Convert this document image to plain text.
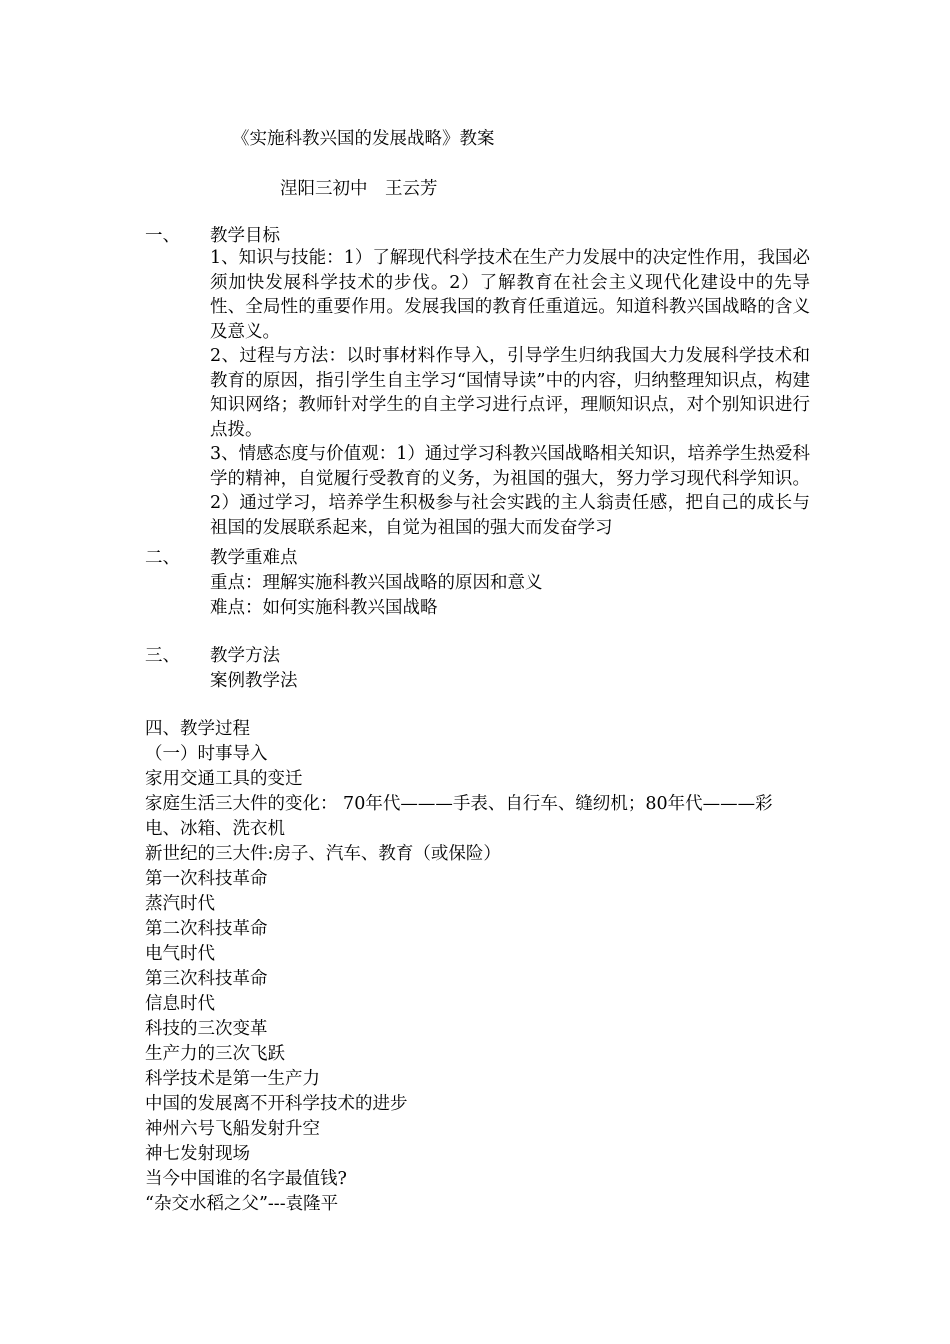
《实施科教兴国的发展战略》教案
涅阳三初中　王云芳
一、 教学目标
1、知识与技能：1）了解现代科学技术在生产力发展中的决定性作用，我国必须加快发展科学技术的步伐。2）了解教育在社会主义现代化建设中的先导性、全局性的重要作用。发展我国的教育任重道远。知道科教兴国战略的含义及意义。
2、过程与方法：以时事材料作导入，引导学生归纳我国大力发展科学技术和教育的原因，指引学生自主学习“国情导读”中的内容，归纳整理知识点，构建知识网络；教师针对学生的自主学习进行点评，理顺知识点，对个别知识进行点拨。
3、情感态度与价值观：1）通过学习科教兴国战略相关知识，培养学生热爱科学的精神，自觉履行受教育的义务，为祖国的强大，努力学习现代科学知识。2）通过学习，培养学生积极参与社会实践的主人翁责任感，把自己的成长与祖国的发展联系起来，自觉为祖国的强大而发奋学习
二、 教学重难点
重点：理解实施科教兴国战略的原因和意义
难点：如何实施科教兴国战略
三、 教学方法
案例教学法
四、教学过程
（一）时事导入
家用交通工具的变迁
家庭生活三大件的变化： 70年代———手表、自行车、缝纫机；80年代———彩
电、冰箱、洗衣机
新世纪的三大件:房子、汽车、教育（或保险）
第一次科技革命
蒸汽时代
第二次科技革命
电气时代
第三次科技革命
信息时代
科技的三次变革
生产力的三次飞跃
科学技术是第一生产力
中国的发展离不开科学技术的进步
神州六号飞船发射升空
神七发射现场
当今中国谁的名字最值钱?
“杂交水稻之父”---袁隆平
